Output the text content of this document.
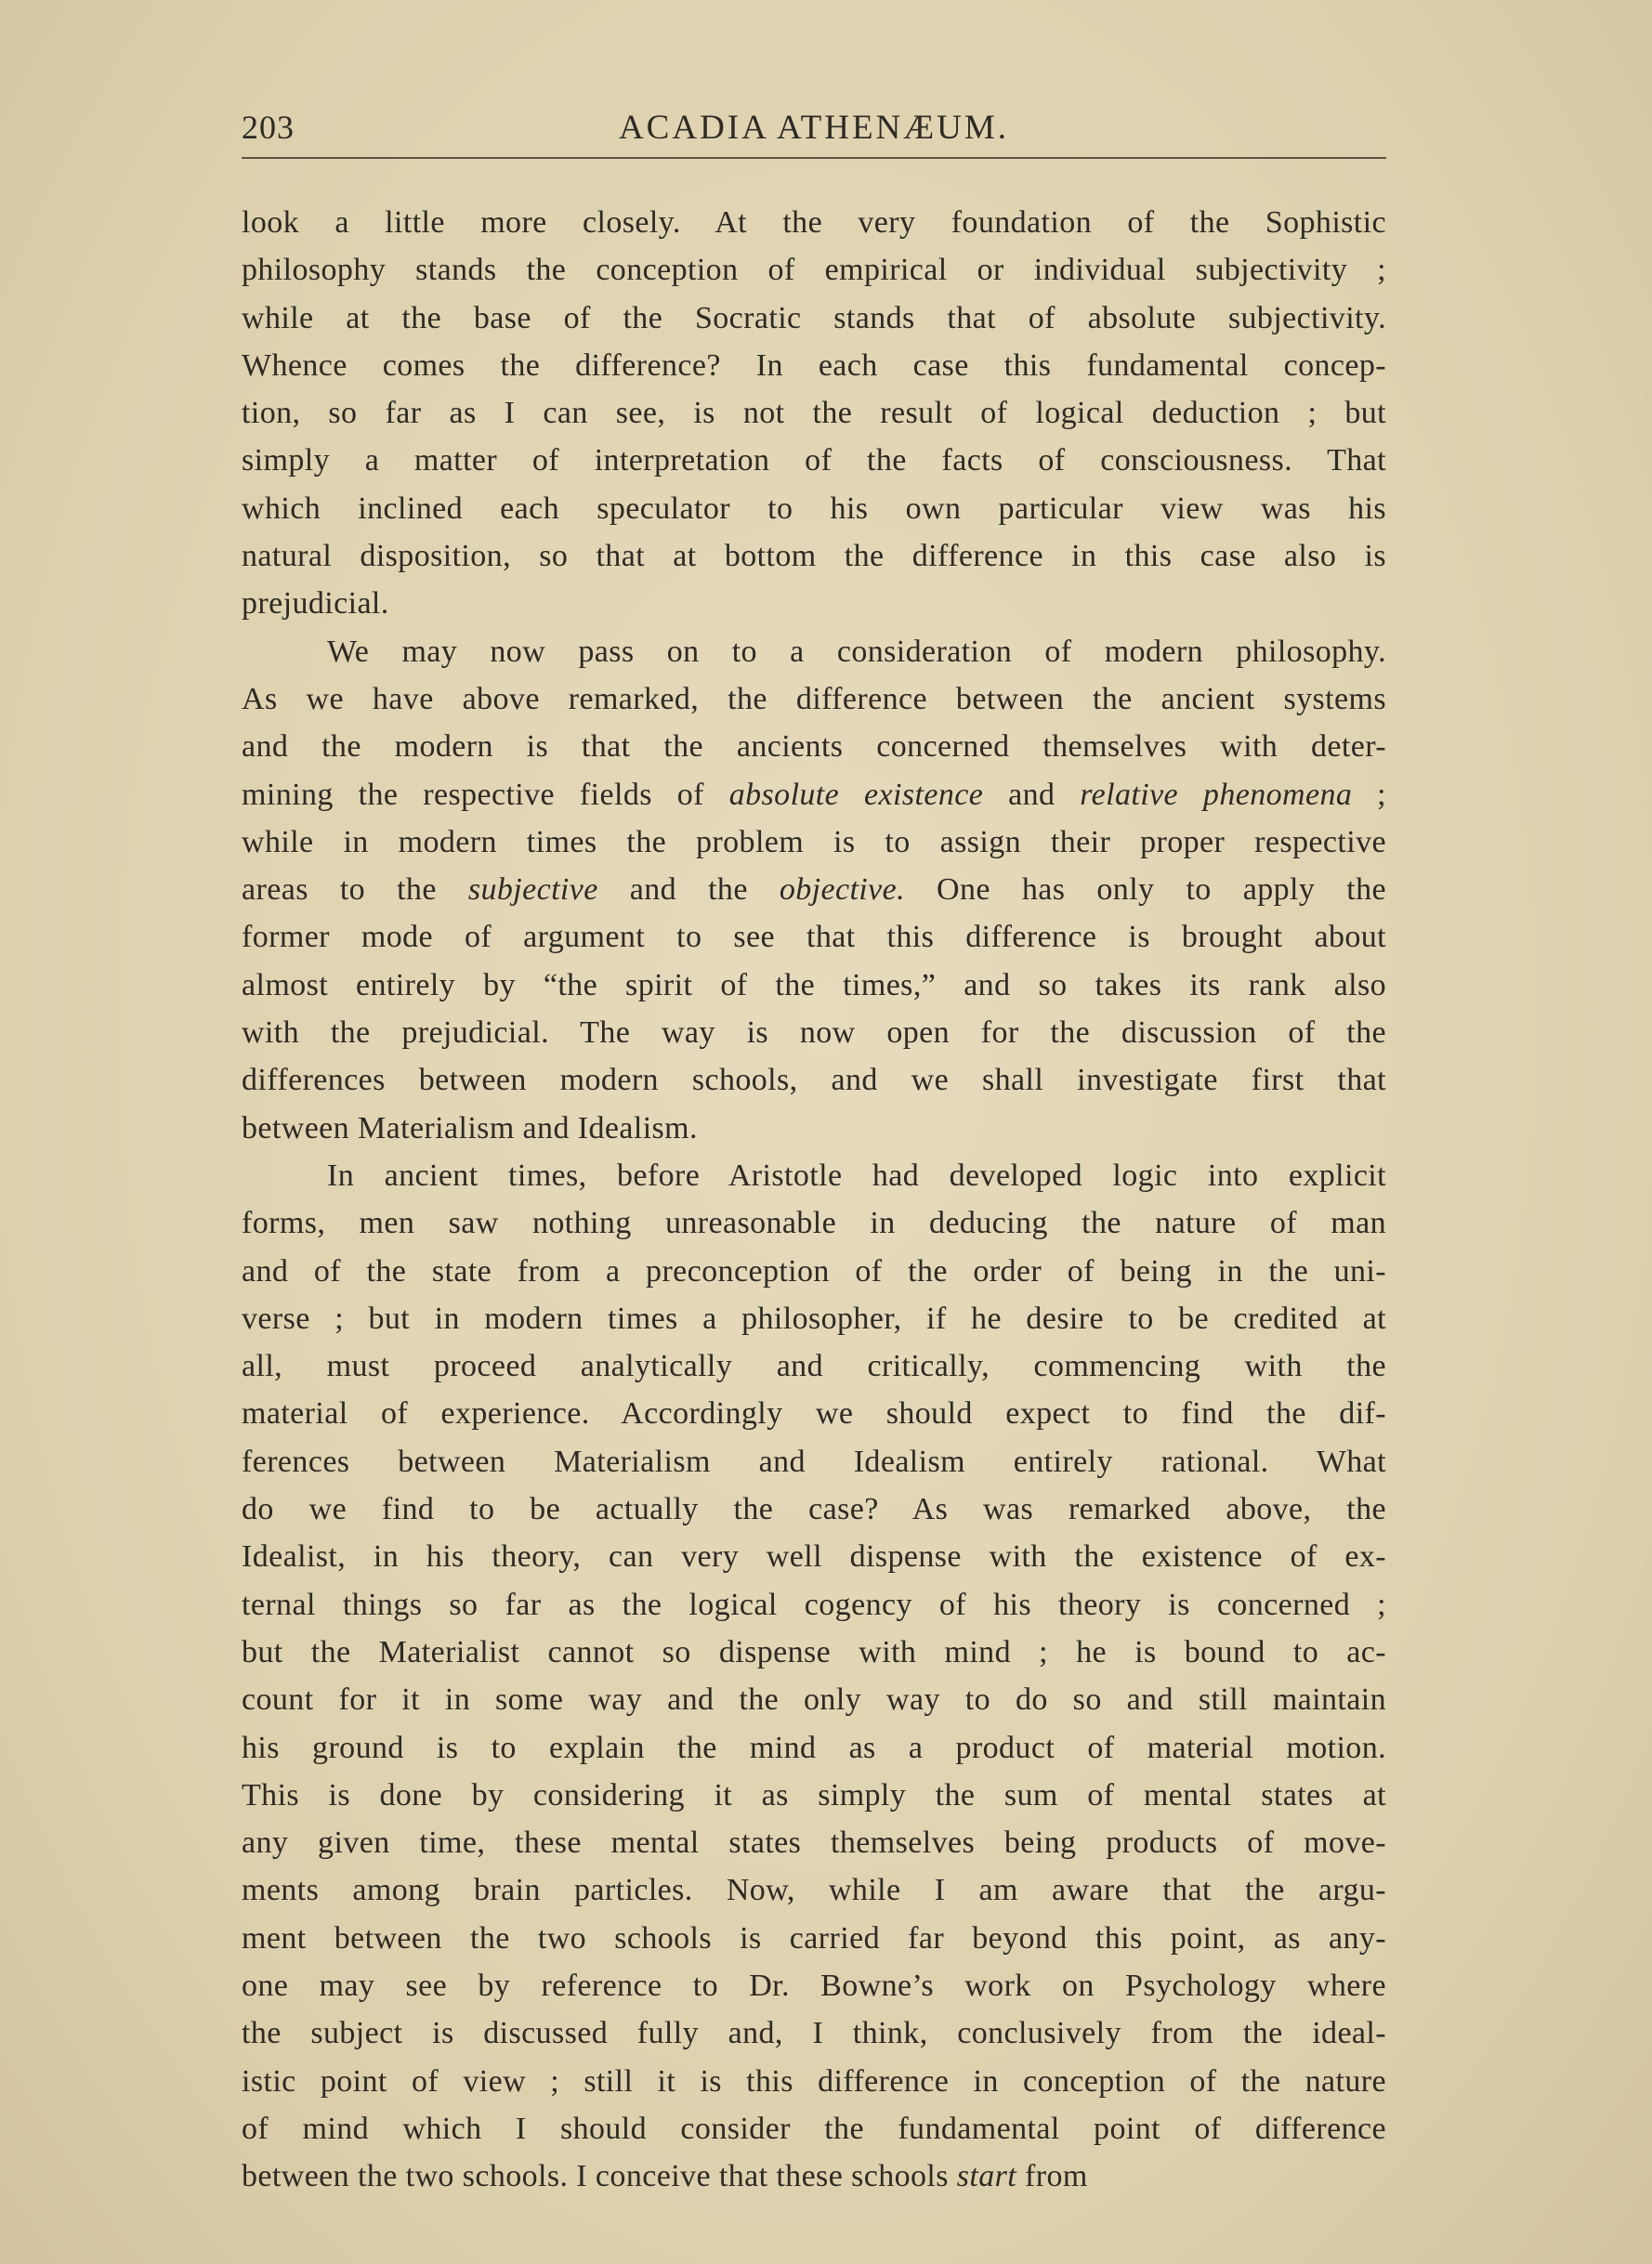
203	ACADIA ATHENÆUM.

look a little more closely. At the very foundation of the Sophistic

philosophy stands the conception of empirical or individual subjectivity ;

while at the base of the Socratic stands that of absolute subjectivity.

Whence comes the difference? In each case this fundamental concep-

tion, so far as I can see, is not the result of logical deduction ; but

simply a matter of interpretation of the facts of consciousness. That

which inclined each speculator to his own particular view was his

natural disposition, so that at bottom the difference in this case also is

prejudicial.

We may now pass on to a consideration of modern philosophy.

As we have above remarked, the difference between the ancient systems

and the modern is that the ancients concerned themselves with deter-

mining the respective fields of absolute existence and relative phenomena ;

while in modern times the problem is to assign their proper respective

areas to the subjective and the objective. One has only to apply the

former mode of argument to see that this difference is brought about

almost entirely by “the spirit of the times,” and so takes its rank also

with the prejudicial. The way is now open for the discussion of the

differences between modern schools, and we shall investigate first that

between Materialism and Idealism.

In ancient times, before Aristotle had developed logic into explicit

forms, men saw nothing unreasonable in deducing the nature of man

and of the state from a preconception of the order of being in the uni-

verse ; but in modern times a philosopher, if he desire to be credited at

all, must proceed analytically and critically, commencing with the

material of experience. Accordingly we should expect to find the dif-

ferences between Materialism and Idealism entirely rational. What

do we find to be actually the case? As was remarked above, the

Idealist, in his theory, can very well dispense with the existence of ex-

ternal things so far as the logical cogency of his theory is concerned ;

but the Materialist cannot so dispense with mind ; he is bound to ac-

count for it in some way and the only way to do so and still maintain

his ground is to explain the mind as a product of material motion.

This is done by considering it as simply the sum of mental states at

any given time, these mental states themselves being products of move-

ments among brain particles. Now, while I am aware that the argu-

ment between the two schools is carried far beyond this point, as any-

one may see by reference to Dr. Bowne’s work on Psychology where

the subject is discussed fully and, I think, conclusively from the ideal-

istic point of view ; still it is this difference in conception of the nature

of mind which I should consider the fundamental point of difference

between the two schools. I conceive that these schools start from
